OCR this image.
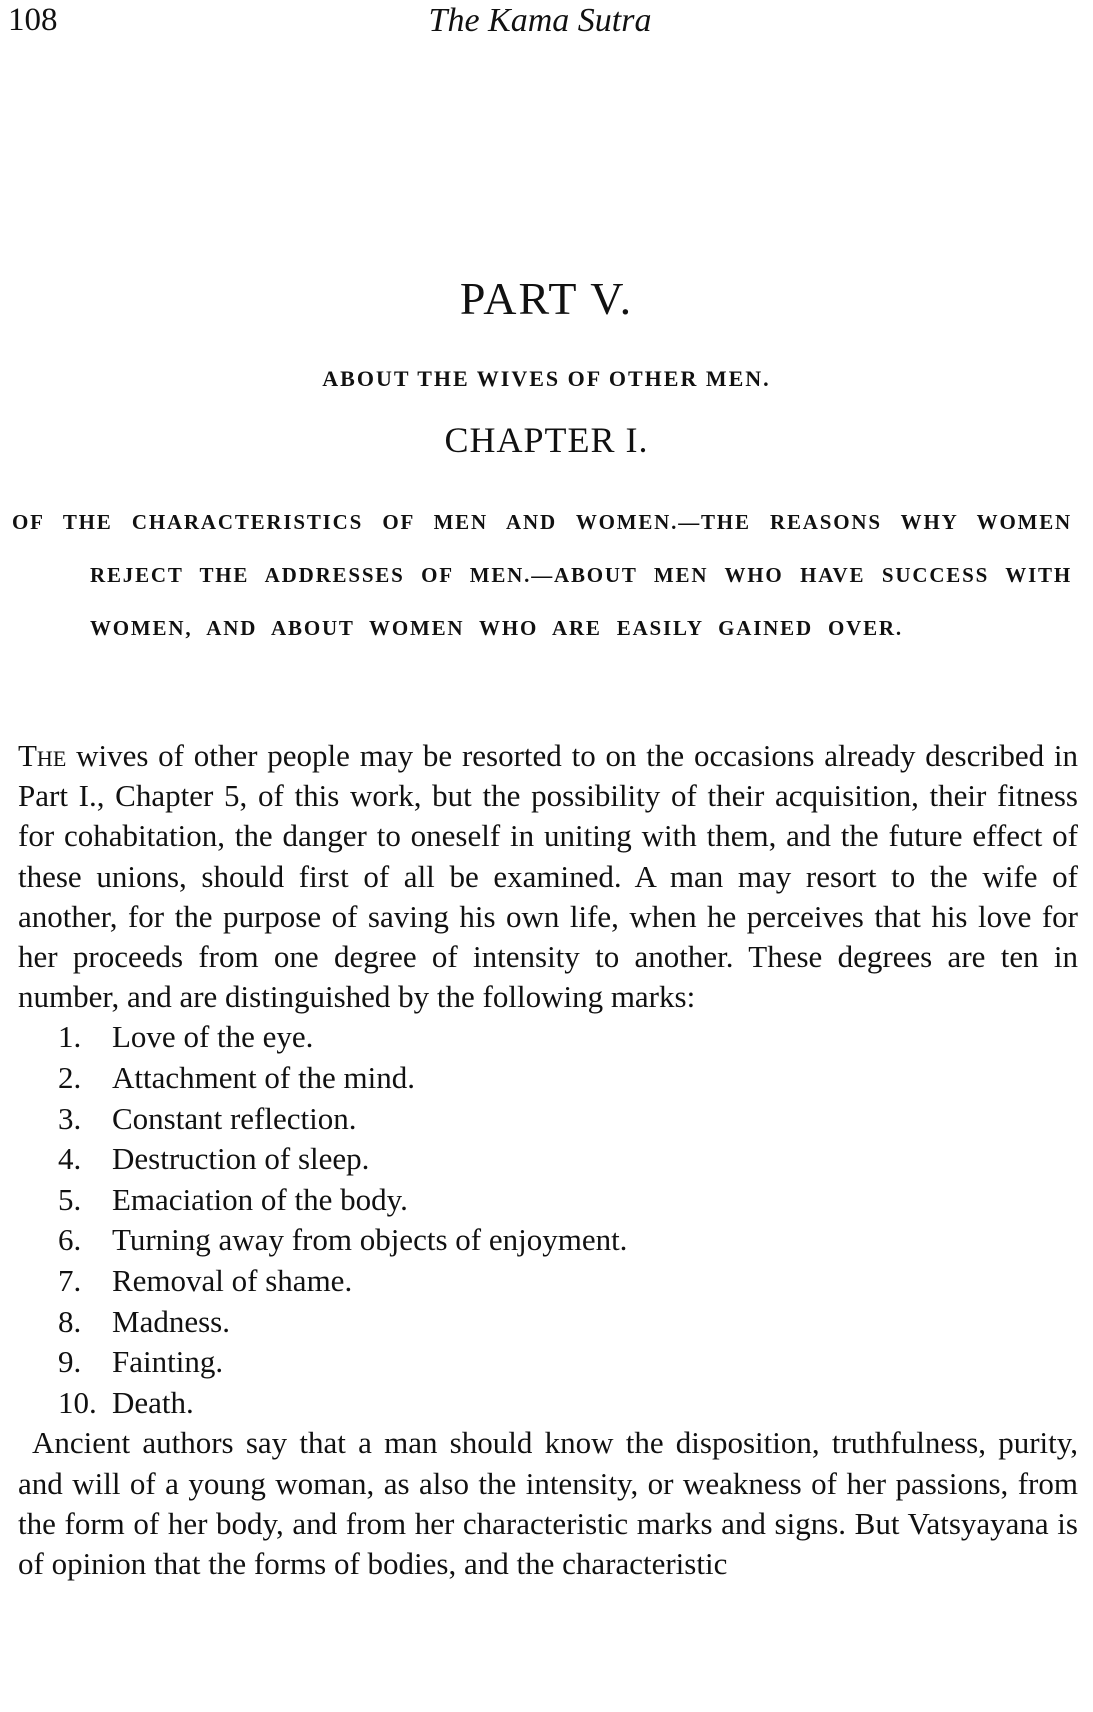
108	The Kama Sutra
PART V.
ABOUT THE WIVES OF OTHER MEN.
CHAPTER I.
OF THE CHARACTERISTICS OF MEN AND WOMEN.—THE REASONS WHY WOMEN REJECT THE ADDRESSES OF MEN.—ABOUT MEN WHO HAVE SUCCESS WITH WOMEN, AND ABOUT WOMEN WHO ARE EASILY GAINED OVER.

The wives of other people may be resorted to on the occasions already described in Part I., Chapter 5, of this work, but the possibility of their acquisition, their fitness for cohabitation, the danger to oneself in uniting with them, and the future effect of these unions, should first of all be examined. A man may resort to the wife of another, for the purpose of saving his own life, when he perceives that his love for her proceeds from one degree of intensity to another. These degrees are ten in number, and are distinguished by the following marks:

1. Love of the eye.
2. Attachment of the mind.
3. Constant reflection.
4. Destruction of sleep.
5. Emaciation of the body.
6. Turning away from objects of enjoyment.
7. Removal of shame.
8. Madness.
9. Fainting.
10. Death.

Ancient authors say that a man should know the disposition, truthfulness, purity, and will of a young woman, as also the intensity, or weakness of her passions, from the form of her body, and from her characteristic marks and signs. But Vatsyayana is of opinion that the forms of bodies, and the characteristic
